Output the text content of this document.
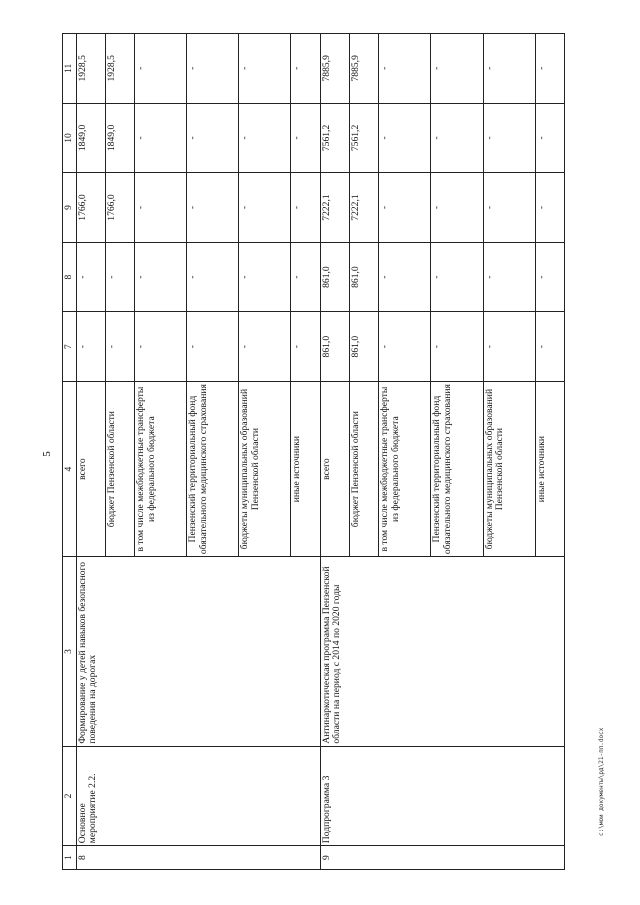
5
1	2	3	4	7	8	9	10	11
8	Основное мероприятие 2.2.	Формирование у детей навыков безопасного поведения на дорогах	всего	-	-	1766,0	1849,0	1928,5
			бюджет Пензенской области	-	-	1766,0	1849,0	1928,5
			в том числе межбюджетные трансферты из федерального бюджета	-	-	-	-	-
			Пензенский территориальный фонд обязательного медицинского страхования	-	-	-	-	-
			бюджеты муниципальных образований Пензенской области	-	-	-	-	-
			иные источники	-	-	-	-	-
9	Подпрограмма 3	Антинаркотическая программа Пензенской области на период с 2014 по 2020 годы	всего	861,0	861,0	7222,1	7561,2	7885,9
			бюджет Пензенской области	861,0	861,0	7222,1	7561,2	7885,9
			в том числе межбюджетные трансферты из федерального бюджета	-	-	-	-	-
			Пензенский территориальный фонд обязательного медицинского страхования	-	-	-	-	-
			бюджеты муниципальных образований Пензенской области	-	-	-	-	-
			иные источники	-	-	-	-	-
c:\мои документы\рд\21-пп.docx
